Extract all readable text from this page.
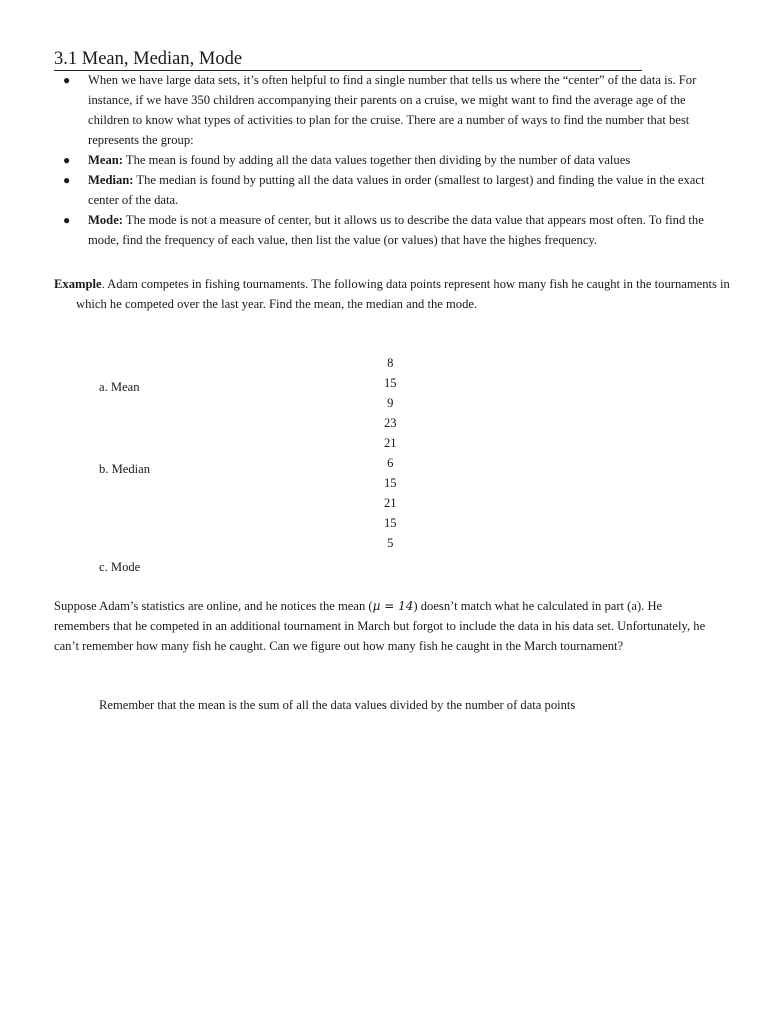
3.1 Mean, Median, Mode
● When we have large data sets, it’s often helpful to find a single number that tells us where the “center” of the data is. For instance, if we have 350 children accompanying their parents on a cruise, we might want to find the average age of the children to know what types of activities to plan for the cruise. There are a number of ways to find the number that best represents the group:
● Mean: The mean is found by adding all the data values together then dividing by the number of data values
● Median: The median is found by putting all the data values in order (smallest to largest) and finding the value in the exact center of the data.
● Mode: The mode is not a measure of center, but it allows us to describe the data value that appears most often. To find the mode, find the frequency of each value, then list the value (or values) that have the highes frequency.
Example. Adam competes in fishing tournaments. The following data points represent how many fish he caught in the tournaments in which he competed over the last year. Find the mean, the median and the mode.

8
15
9
23
21
6
15
21
15
5

a. Mean
b. Median
c. Mode
Suppose Adam’s statistics are online, and he notices the mean (μ = 14) doesn’t match what he calculated in part (a). He remembers that he competed in an additional tournament in March but forgot to include the data in his data set. Unfortunately, he can’t remember how many fish he caught. Can we figure out how many fish he caught in the March tournament?
Remember that the mean is the sum of all the data values divided by the number of data points
